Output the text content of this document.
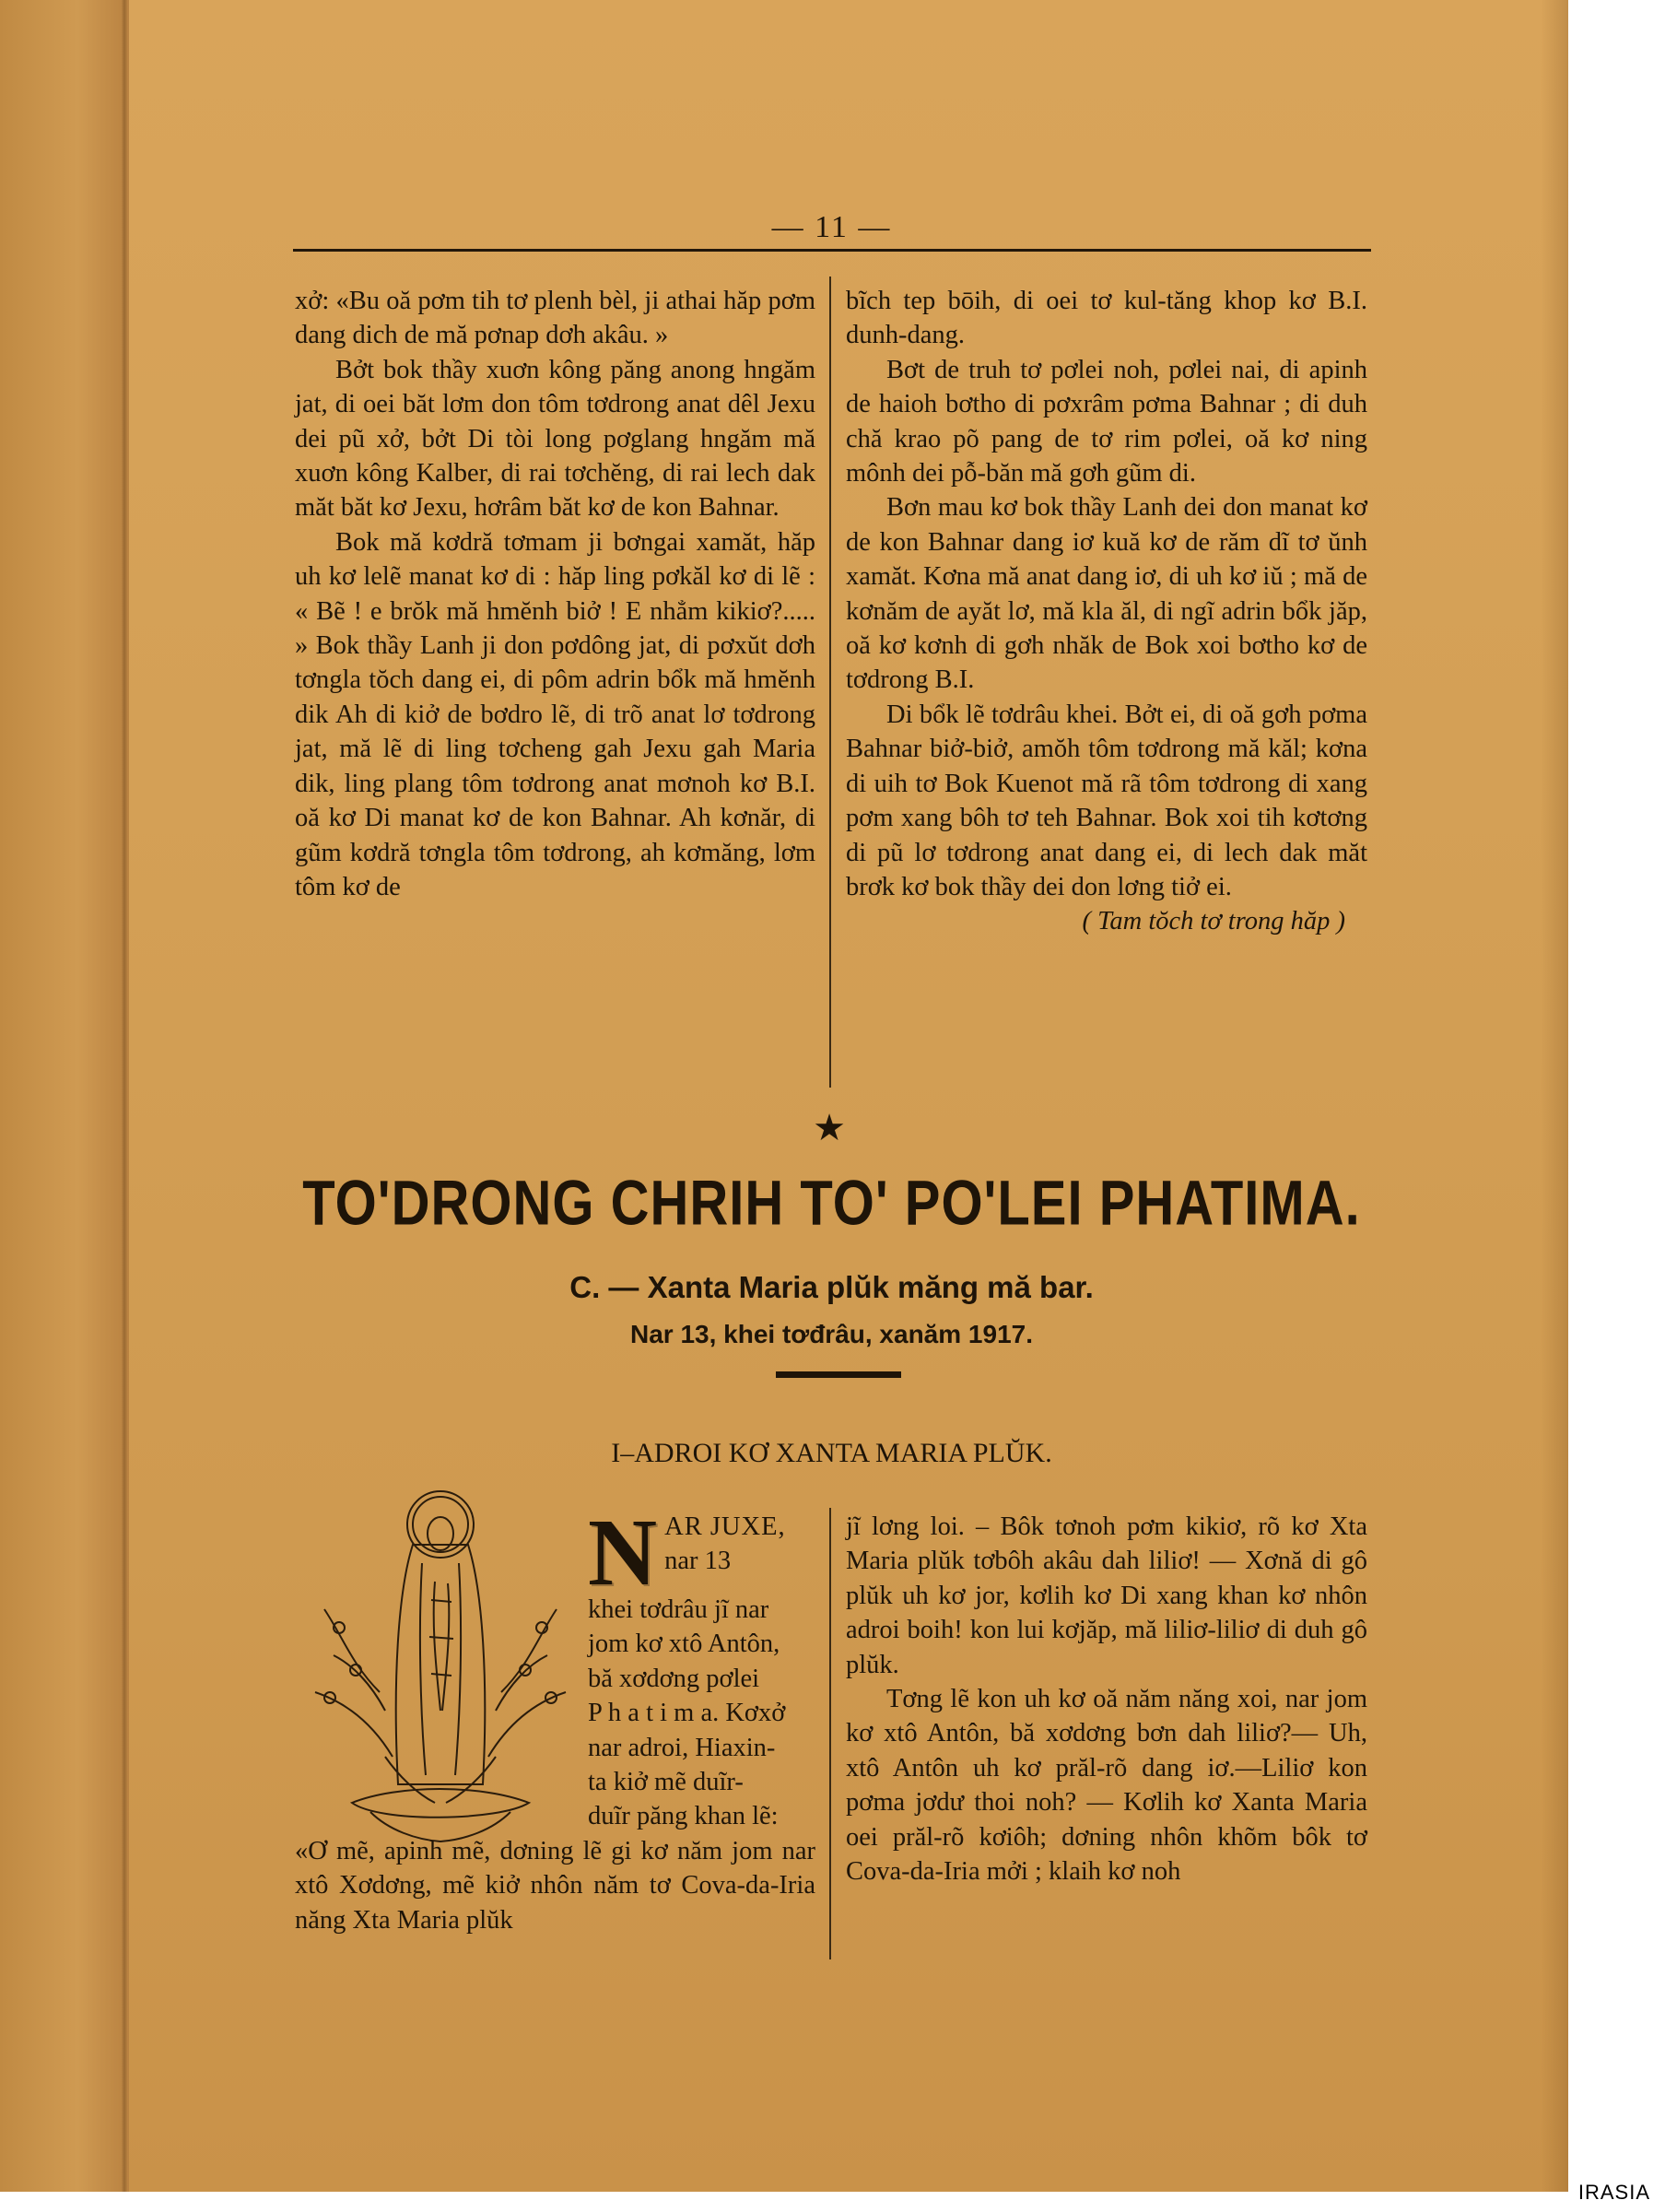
— 11 —

xở: «Bu oă pơm tih tơ plenh bèl, ji athai hăp pơm dang dich de mă pơnap dơh akâu. »

Bởt bok thầy xuơn kông păng anong hngăm jat, di oei băt lơm don tôm tơdrong anat dêl Jexu dei pũ xở, bởt Di tòi long pơglang hngăm mă xuơn kông Kalber, di rai tơchĕng, di rai lech dak măt băt kơ Jexu, hơrâm băt kơ de kon Bahnar.

Bok mă kơdră tơmam ji bơngai xamăt, hăp uh kơ lelẽ manat kơ di : hăp ling pơkăl kơ di lẽ : « Bẽ ! e brŏk mă hmĕnh biở ! E nhẳm kikiơ?..... » Bok thầy Lanh ji don pơdông jat, di pơxŭt dơh tơngla tŏch dang ei, di pôm adrin bổk mă hmĕnh dik Ah di kiở de bơdro lẽ, di trõ anat lơ tơdrong jat, mă lẽ di ling tơcheng gah Jexu gah Maria dik, ling plang tôm tơdrong anat mơnoh kơ B.I. oă kơ Di manat kơ de kon Bahnar. Ah kơnăr, di gũm kơdră tơngla tôm tơdrong, ah kơmăng, lơm tôm kơ de

bĩch tep bōih, di oei tơ kul-tăng khop kơ B.I. dunh-dang.

Bơt de truh tơ pơlei noh, pơlei nai, di apinh de haioh bơtho di pơxrâm pơma Bahnar ; di duh chă krao põ pang de tơ rim pơlei, oă kơ ning mônh dei pỗ-băn mă gơh gũm di.

Bơn mau kơ bok thầy Lanh dei don manat kơ de kon Bahnar dang iơ kuă kơ de răm dĩ tơ ŭnh xamăt. Kơna mă anat dang iơ, di uh kơ iŭ ; mă de kơnăm de ayăt lơ, mă kla ăl, di ngĩ adrin bổk jăp, oă kơ kơnh di gơh nhăk de Bok xoi bơtho kơ de tơdrong B.I.

Di bổk lẽ tơdrâu khei. Bởt ei, di oă gơh pơma Bahnar biở-biở, amŏh tôm tơdrong mă kăl; kơna di uih tơ Bok Kuenot mă rã tôm tơdrong di xang pơm xang bôh tơ teh Bahnar. Bok xoi tih kơtơng di pũ lơ tơdrong anat dang ei, di lech dak măt brơk kơ bok thầy dei don lơng tiở ei.

( Tam tŏch tơ trong hăp )

★
TO'DRONG CHRIH TO' PO'LEI PHATIMA.
C. — Xanta Maria plŭk măng mă bar.
Nar 13, khei tơđrâu, xanăm 1917.
I–ADROI KƠ XANTA MARIA PLŬK.
N AR JUXE,
nar 13
khei tơdrâu jĩ nar
jom kơ xtô Antôn,
bă xơdơng pơlei
P h a t i m a. Kơxở
nar adroi, Hiaxin-
ta kiở mẽ duĩr-
duĩr păng khan lẽ:

«Ơ mẽ, apinh mẽ, dơning lẽ gi kơ năm jom nar xtô Xơdơng, mẽ kiở nhôn năm tơ Cova-da-Iria năng Xta Maria plŭk

jĩ lơng loi. – Bôk tơnoh pơm kikiơ, rõ kơ Xta Maria plŭk tơbôh akâu dah liliơ! — Xơnă di gô plŭk uh kơ jor, kơlih kơ Di xang khan kơ nhôn adroi boih! kon lui kơjăp, mă liliơ-liliơ di duh gô plŭk.

Tơng lẽ kon uh kơ oă năm năng xoi, nar jom kơ xtô Antôn, bă xơdơng bơn dah liliơ?— Uh, xtô Antôn uh kơ prăl-rõ dang iơ.—Liliơ kon pơma jơdư thoi noh? — Kơlih kơ Xanta Maria oei prăl-rõ kơiôh; dơning nhôn khõm bôk tơ Cova-da-Iria mởi ; klaih kơ noh

IRASIA
